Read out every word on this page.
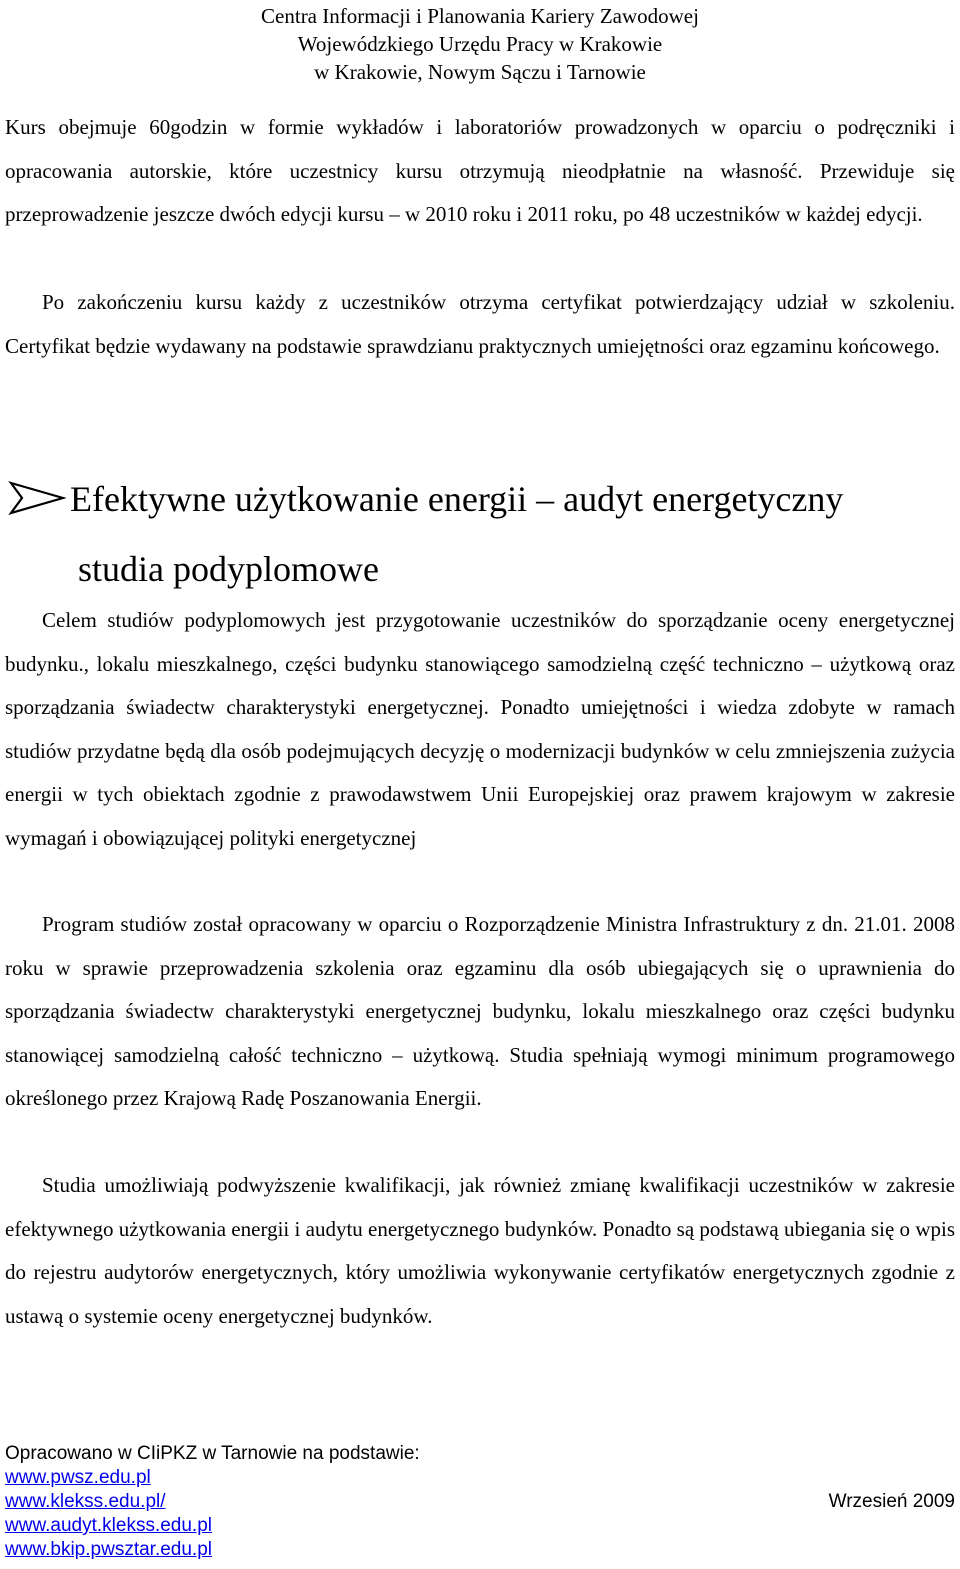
Centra Informacji i Planowania Kariery Zawodowej
Wojewódzkiego Urzędu Pracy w Krakowie
w Krakowie, Nowym Sączu i Tarnowie

Kurs obejmuje 60godzin w formie wykładów i laboratoriów prowadzonych w oparciu o podręczniki i opracowania autorskie, które uczestnicy kursu otrzymują nieodpłatnie na własność. Przewiduje się przeprowadzenie jeszcze dwóch edycji kursu – w 2010 roku i 2011 roku, po 48 uczestników w każdej edycji.

Po zakończeniu kursu każdy z uczestników otrzyma certyfikat potwierdzający udział w szkoleniu. Certyfikat będzie wydawany na podstawie sprawdzianu praktycznych umiejętności oraz egzaminu końcowego.

Efektywne użytkowanie energii – audyt energetyczny
studia podyplomowe

Celem studiów podyplomowych jest przygotowanie uczestników do sporządzanie oceny energetycznej budynku., lokalu mieszkalnego, części budynku stanowiącego samodzielną część techniczno – użytkową oraz sporządzania świadectw charakterystyki energetycznej. Ponadto umiejętności i wiedza zdobyte w ramach studiów przydatne będą dla osób podejmujących decyzję o modernizacji budynków w celu zmniejszenia zużycia energii w tych obiektach zgodnie z prawodawstwem Unii Europejskiej oraz prawem krajowym w zakresie wymagań i obowiązującej polityki energetycznej

Program studiów został opracowany w oparciu o Rozporządzenie Ministra Infrastruktury z dn. 21.01. 2008 roku w sprawie przeprowadzenia szkolenia oraz egzaminu dla osób ubiegających się o uprawnienia do sporządzania świadectw charakterystyki energetycznej budynku, lokalu mieszkalnego oraz części budynku stanowiącej samodzielną całość techniczno – użytkową. Studia spełniają wymogi minimum programowego określonego przez Krajową Radę Poszanowania Energii.

Studia umożliwiają podwyższenie kwalifikacji, jak również zmianę kwalifikacji uczestników w zakresie efektywnego użytkowania energii i audytu energetycznego budynków. Ponadto są podstawą ubiegania się o wpis do rejestru audytorów energetycznych, który umożliwia wykonywanie certyfikatów energetycznych zgodnie z ustawą o systemie oceny energetycznej budynków.

Opracowano w CIiPKZ w Tarnowie na podstawie:
www.pwsz.edu.pl
www.klekss.edu.pl/
www.audyt.klekss.edu.pl
www.bkip.pwsztar.edu.pl
Wrzesień 2009
